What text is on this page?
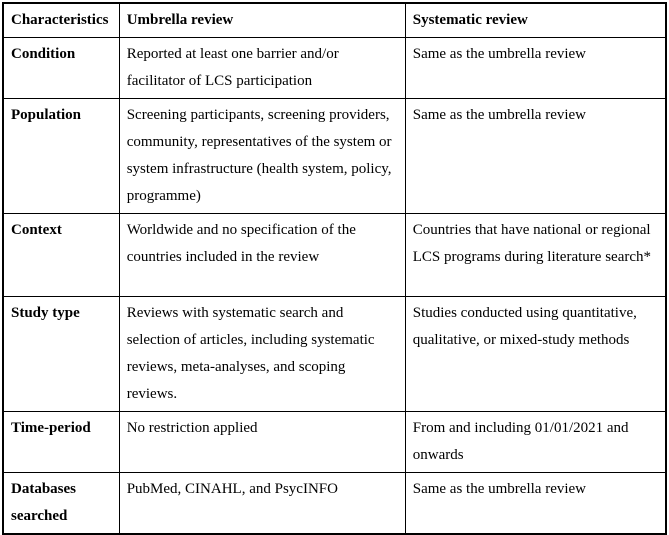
Characteristics	Umbrella review	Systematic review
Condition	Reported at least one barrier and/or facilitator of LCS participation	Same as the umbrella review
Population	Screening participants, screening providers, community, representatives of the system or system infrastructure (health system, policy, programme)	Same as the umbrella review
Context	Worldwide and no specification of the countries included in the review	Countries that have national or regional LCS programs during literature search*
Study type	Reviews with systematic search and selection of articles, including systematic reviews, meta-analyses, and scoping reviews.	Studies conducted using quantitative, qualitative, or mixed-study methods
Time-period	No restriction applied	From and including 01/01/2021 and onwards
Databases searched	PubMed, CINAHL, and PsycINFO	Same as the umbrella review
